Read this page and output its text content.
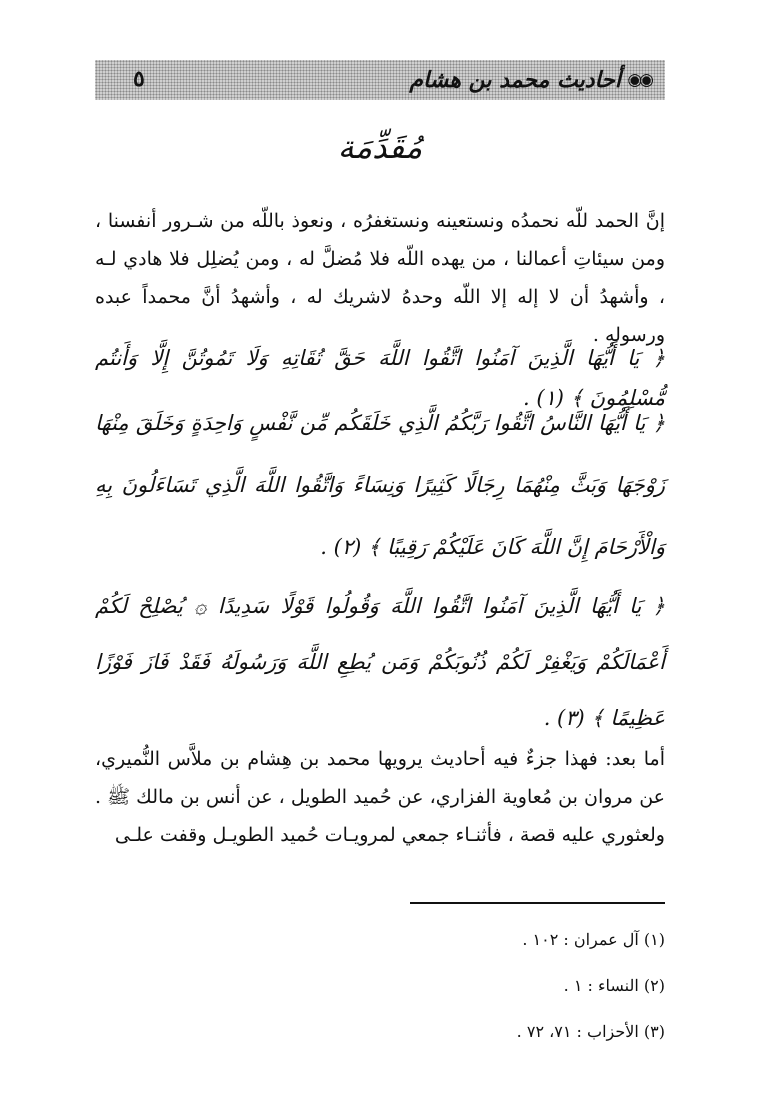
◉◉
أحاديث محمد بن هشام
٥
مُقَدِّمَة
إنَّ الحمد للّه نحمدُه ونستعينه ونستغفرُه ، ونعوذ باللّه من شـرور أنفسنا ، ومن سيئاتِ أعمالنا ، من يهده اللّه فلا مُضلَّ له ، ومن يُضلِل فلا هادي لـه ، وأشهدُ أن لا إله إلا اللّه وحدهُ لاشريك له ، وأشهدُ أنَّ محمداً عبده ورسوله .
﴿ يَا أَيُّهَا الَّذِينَ آمَنُوا اتَّقُوا اللَّهَ حَقَّ تُقَاتِهِ وَلَا تَمُوتُنَّ إِلَّا وَأَنتُم مُّسْلِمُونَ ﴾ (١) .
﴿ يَا أَيُّهَا النَّاسُ اتَّقُوا رَبَّكُمُ الَّذِي خَلَقَكُم مِّن نَّفْسٍ وَاحِدَةٍ وَخَلَقَ مِنْهَا زَوْجَهَا وَبَثَّ مِنْهُمَا رِجَالًا كَثِيرًا وَنِسَاءً وَاتَّقُوا اللَّهَ الَّذِي تَسَاءَلُونَ بِهِ وَالْأَرْحَامَ إِنَّ اللَّهَ كَانَ عَلَيْكُمْ رَقِيبًا ﴾ (٢) .
﴿ يَا أَيُّهَا الَّذِينَ آمَنُوا اتَّقُوا اللَّهَ وَقُولُوا قَوْلًا سَدِيدًا ۞ يُصْلِحْ لَكُمْ أَعْمَالَكُمْ وَيَغْفِرْ لَكُمْ ذُنُوبَكُمْ وَمَن يُطِعِ اللَّهَ وَرَسُولَهُ فَقَدْ فَازَ فَوْزًا عَظِيمًا ﴾ (٣) .
أما بعد: فهذا جزءٌ فيه أحاديث يرويها محمد بن هِشام بن ملاَّس النُّميري، عن مروان بن مُعاوية الفزاري، عن حُميد الطويل ، عن أنس بن مالك ﷺ . ولعثوري عليه قصة ، فأثنـاء جمعي لمرويـات حُميد الطويـل وقفت علـى
(١) آل عمران : ١٠٢ .
(٢) النساء : ١ .
(٣) الأحزاب : ٧١، ٧٢ .
